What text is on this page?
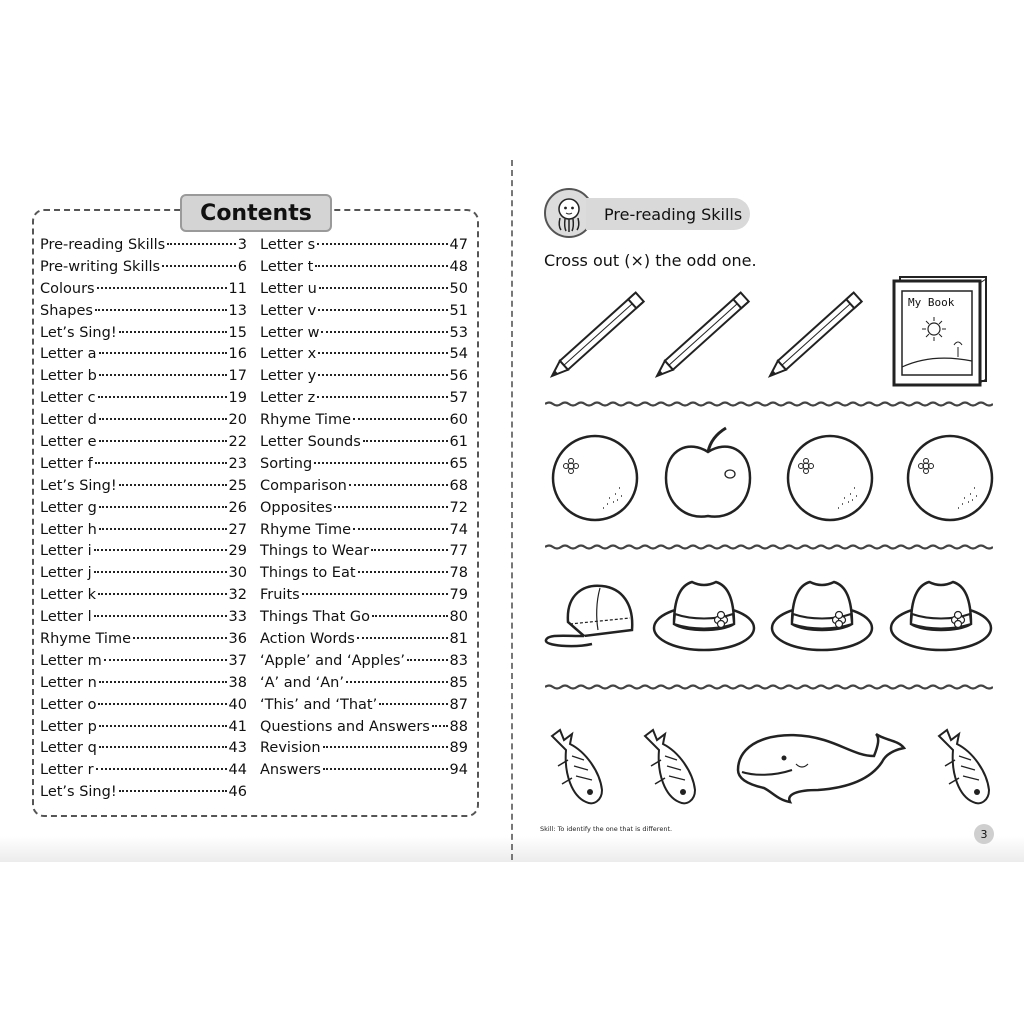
Contents
Pre-reading Skills	3
Pre-writing Skills	6
Colours	11
Shapes	13
Let’s Sing!	15
Letter a	16
Letter b	17
Letter c	19
Letter d	20
Letter e	22
Letter f	23
Let’s Sing!	25
Letter g	26
Letter h	27
Letter i	29
Letter j	30
Letter k	32
Letter l	33
Rhyme Time	36
Letter m	37
Letter n	38
Letter o	40
Letter p	41
Letter q	43
Letter r	44
Let’s Sing!	46
Letter s	47
Letter t	48
Letter u	50
Letter v	51
Letter w	53
Letter x	54
Letter y	56
Letter z	57
Rhyme Time	60
Letter Sounds	61
Sorting	65
Comparison	68
Opposites	72
Rhyme Time	74
Things to Wear	77
Things to Eat	78
Fruits	79
Things That Go	80
Action Words	81
‘Apple’ and ‘Apples’	83
‘A’ and ‘An’	85
‘This’ and ‘That’	87
Questions and Answers 88
Revision	89
Answers	94
Pre-reading Skills
Cross out (×) the odd one.
My Book
Skill: To identify the one that is different.	3
